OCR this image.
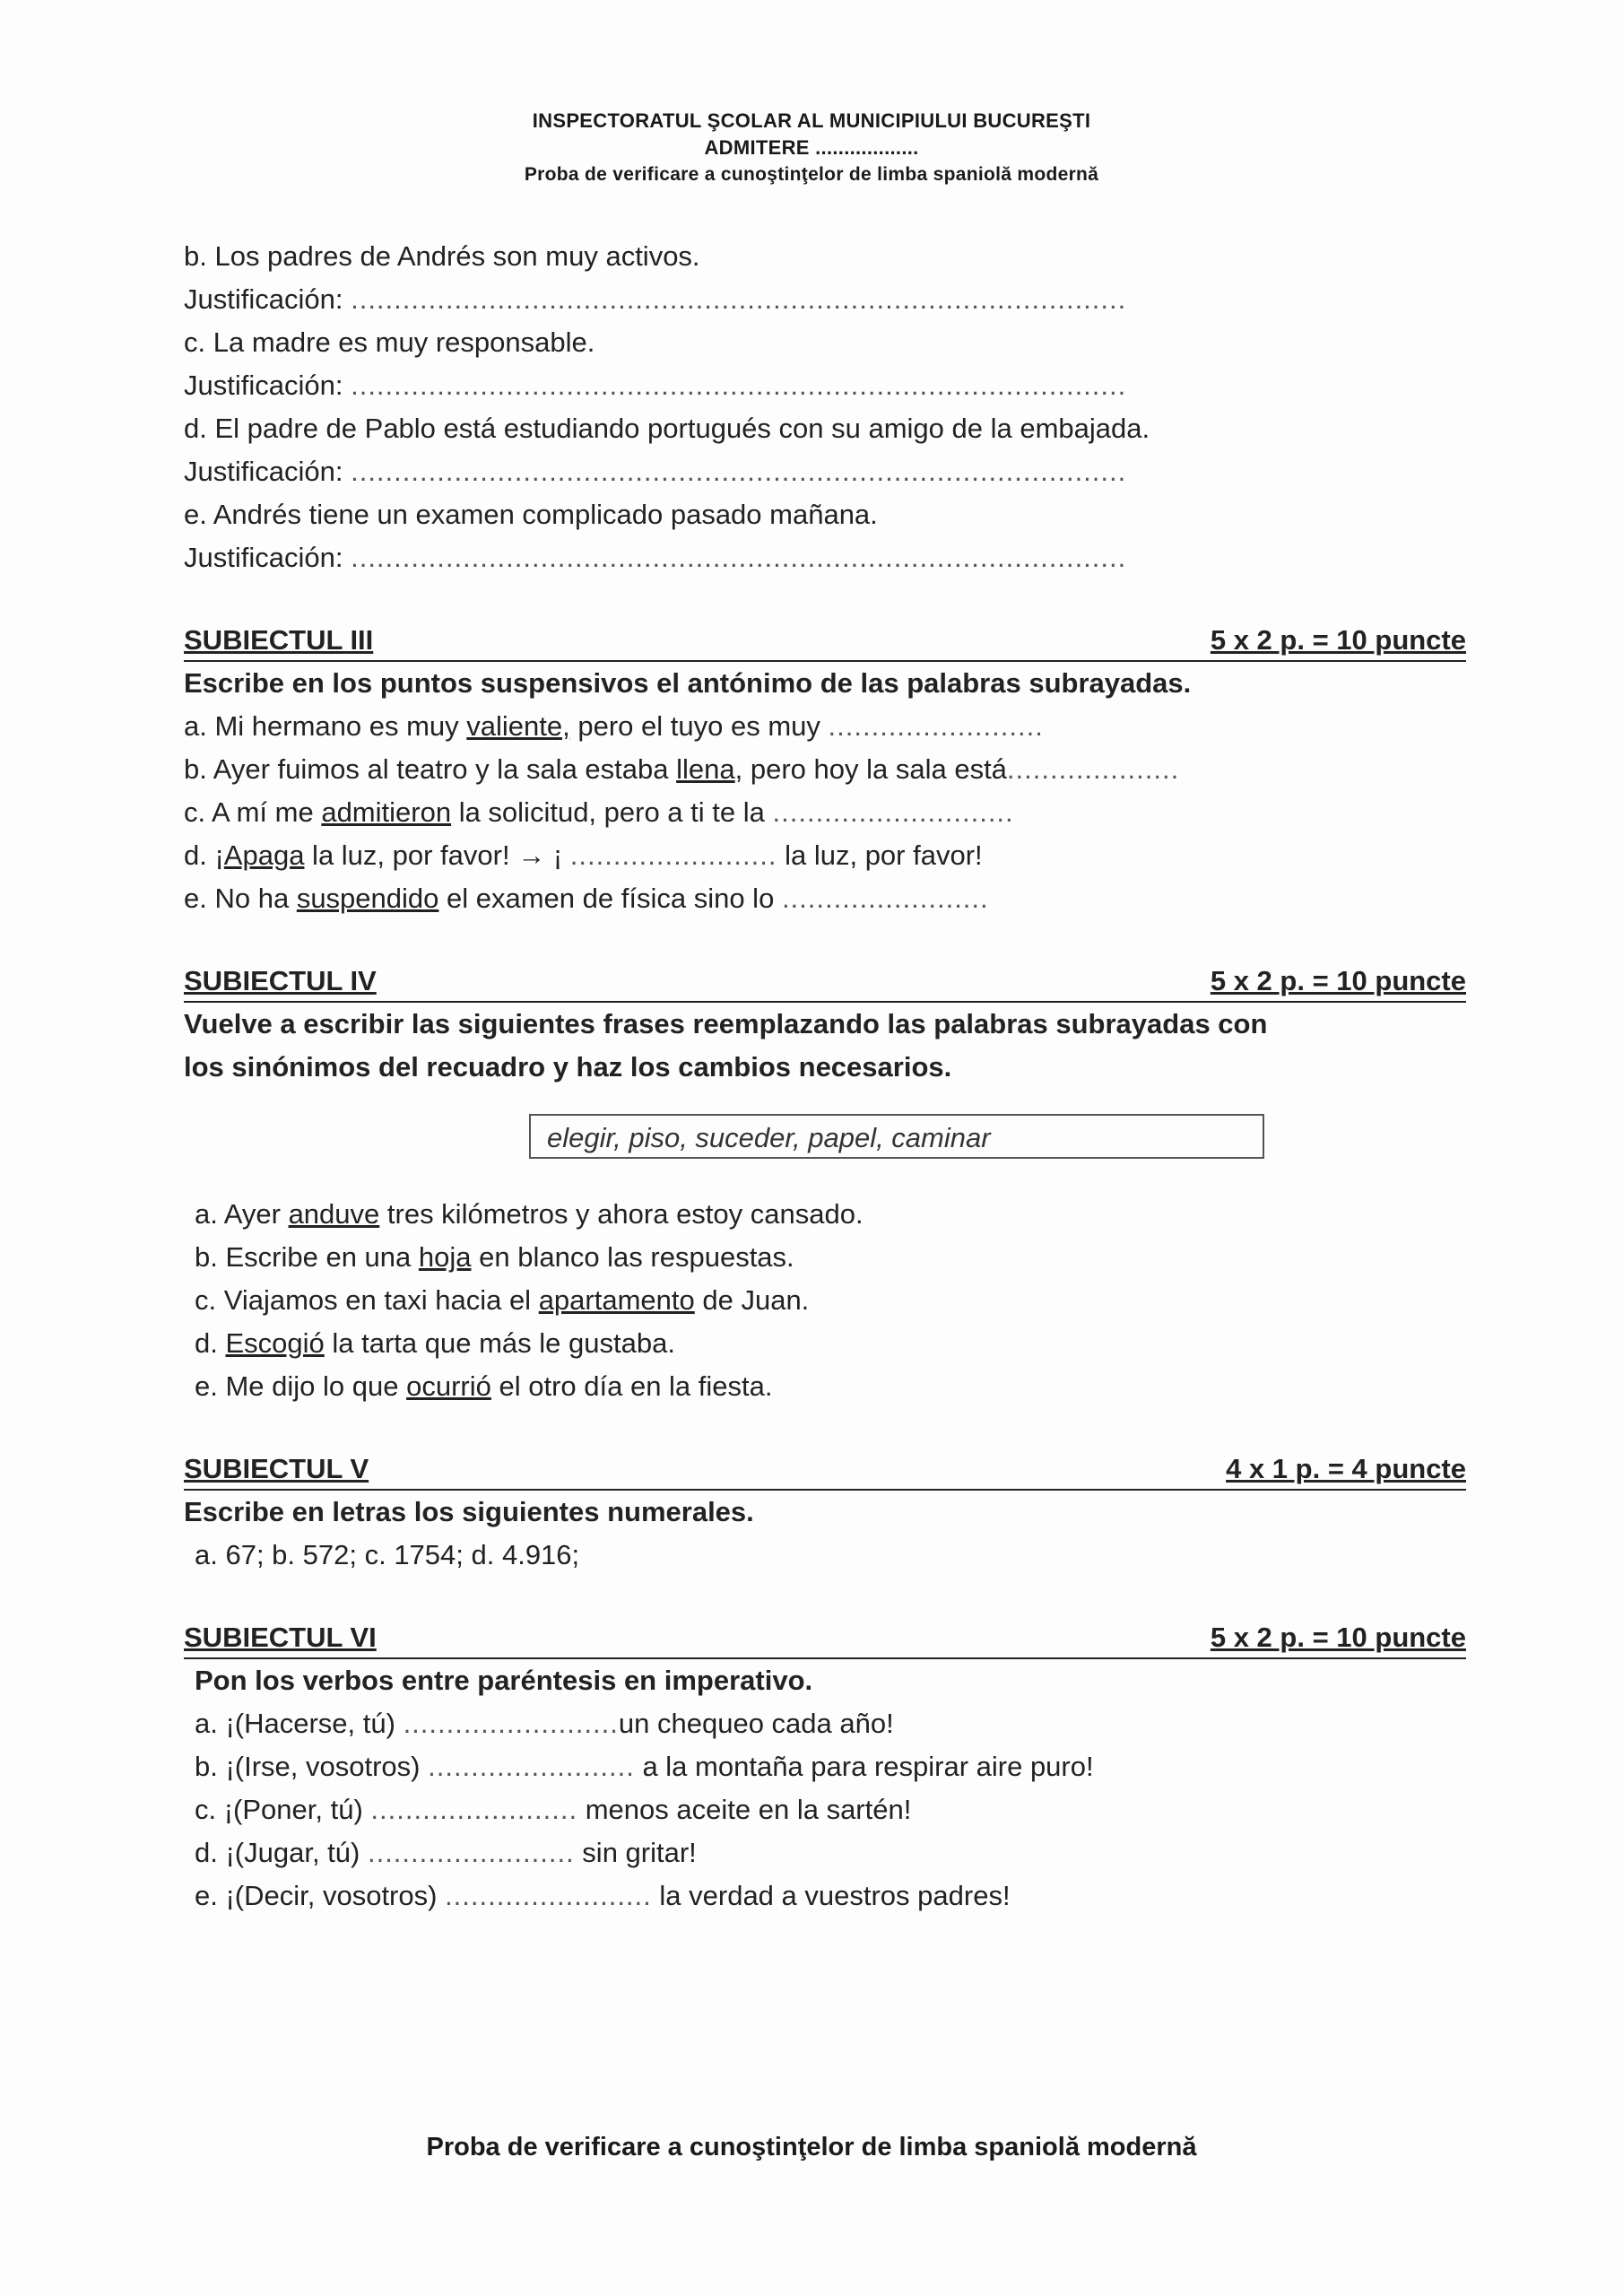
INSPECTORATUL ŞCOLAR AL MUNICIPIULUI BUCUREŞTI
ADMITERE ..................
Proba de verificare a cunoştinţelor de limba spaniolă modernă
b. Los padres de Andrés son muy activos.
Justificación: ..........................................................................................
c. La madre es muy responsable.
Justificación: ..........................................................................................
d. El padre de Pablo está estudiando portugués con su amigo de la embajada.
Justificación: ..........................................................................................
e. Andrés tiene un examen complicado pasado mañana.
Justificación: ..........................................................................................
SUBIECTUL III	5 x 2 p. = 10 puncte
Escribe en los puntos suspensivos el antónimo de las palabras subrayadas.
a. Mi hermano es muy valiente, pero el tuyo es muy .........................
b. Ayer fuimos al teatro y la sala estaba llena, pero hoy la sala está....................
c. A mí me admitieron la solicitud, pero a ti te la ............................
d. ¡Apaga la luz, por favor! → ¡ ........................ la luz, por favor!
e. No ha suspendido el examen de física sino lo ........................
SUBIECTUL IV	5 x 2 p. = 10 puncte
Vuelve a escribir las siguientes frases reemplazando las palabras subrayadas con
los sinónimos del recuadro y haz los cambios necesarios.
elegir, piso, suceder, papel, caminar
a. Ayer anduve tres kilómetros y ahora estoy cansado.
b. Escribe en una hoja en blanco las respuestas.
c. Viajamos en taxi hacia el apartamento de Juan.
d. Escogió la tarta que más le gustaba.
e. Me dijo lo que ocurrió el otro día en la fiesta.
SUBIECTUL V	4 x 1 p. = 4 puncte
Escribe en letras los siguientes numerales.
a. 67; b. 572; c. 1754; d. 4.916;
SUBIECTUL VI	5 x 2 p. = 10 puncte
Pon los verbos entre paréntesis en imperativo.
a. ¡(Hacerse, tú) .........................un chequeo cada año!
b. ¡(Irse, vosotros) ........................ a la montaña para respirar aire puro!
c. ¡(Poner, tú) ........................ menos aceite en la sartén!
d. ¡(Jugar, tú) ........................ sin gritar!
e. ¡(Decir, vosotros) ........................ la verdad a vuestros padres!
Proba de verificare a cunoştinţelor de limba spaniolă modernă
